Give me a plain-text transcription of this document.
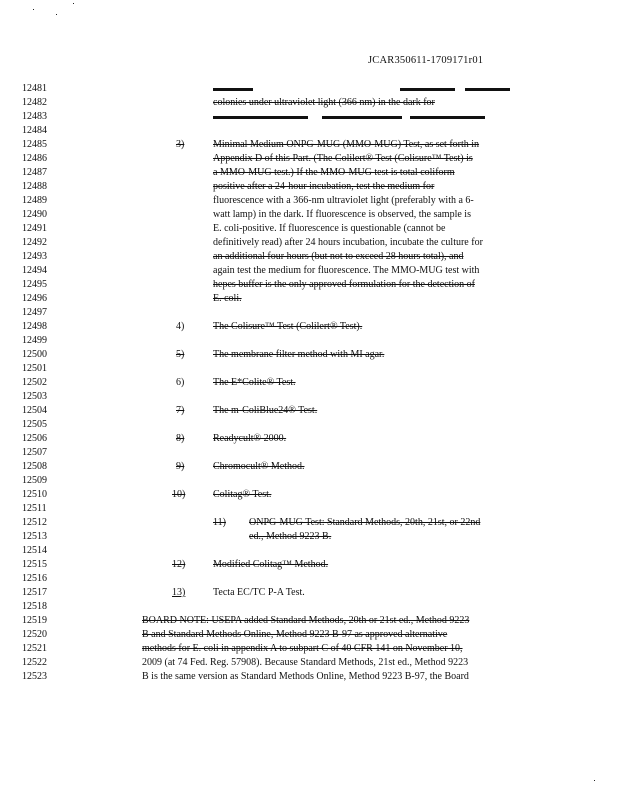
JCAR350611-1709171r01
12481
12482
12483
12484
12485
12486
12487
12488
12489
12490
12491
12492
12493
12494
12495
12496
12497
12498
12499
12500
12501
12502
12503
12504
12505
12506
12507
12508
12509
12510
12511
12512
12513
12514
12515
12516
12517
12518
12519
12520
12521
12522
12523
colonies under ultraviolet light (366 nm) in the dark for
3)	Minimal Medium ONPG-MUG (MMO-MUG) Test, as set forth in
Appendix D of this Part. (The Colilert® Test (Colisure™ Test) is
a MMO-MUG test.) If the MMO-MUG test is total coliform
positive after a 24-hour incubation, test the medium for
fluorescence with a 366-nm ultraviolet light (preferably with a 6-
watt lamp) in the dark. If fluorescence is observed, the sample is
E. coli-positive. If fluorescence is questionable (cannot be
definitively read) after 24 hours incubation, incubate the culture for
an additional four hours (but not to exceed 28 hours total), and
again test the medium for fluorescence. The MMO-MUG test with
hepes buffer is the only approved formulation for the detection of
E. coli.
4)	The Colisure™ Test (Colilert® Test).
5)	The membrane filter method with MI agar.
6)	The E*Colite® Test.
7)	The m-ColiBlue24® Test.
8)	Readycult® 2000.
9)	Chromocult® Method.
10)	Colitag® Test.
11) ONPG-MUG Test: Standard Methods, 20th, 21st, or 22nd
ed., Method 9223 B.
12)	Modified Colitag™ Method.
13)	Tecta EC/TC P-A Test.
BOARD NOTE: USEPA added Standard Methods, 20th or 21st ed., Method 9223
B and Standard Methods Online, Method 9223 B-97 as approved alternative
methods for E. coli in appendix A to subpart C of 40 CFR 141 on November 10,
2009 (at 74 Fed. Reg. 57908). Because Standard Methods, 21st ed., Method 9223
B is the same version as Standard Methods Online, Method 9223 B-97, the Board
